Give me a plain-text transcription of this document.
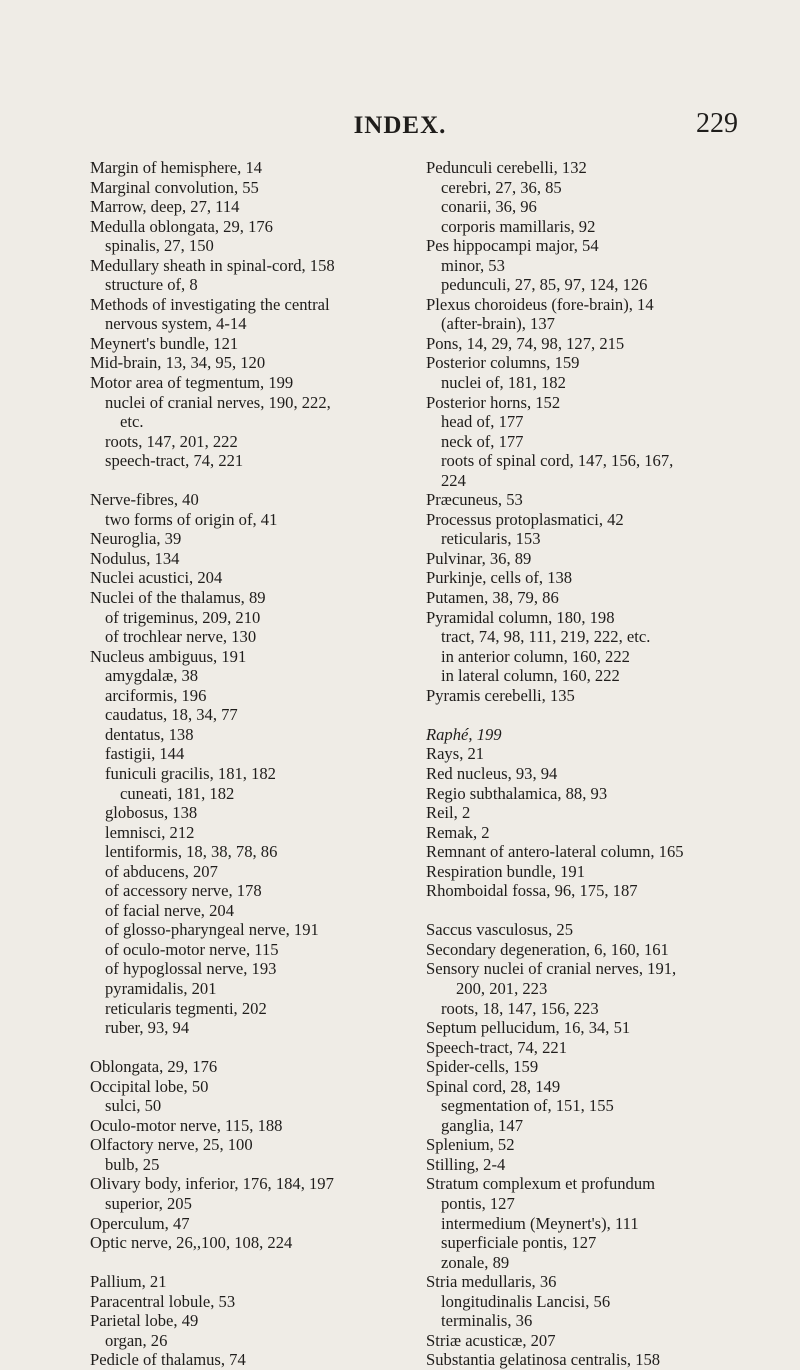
INDEX.	229
Margin of hemisphere, 14
Marginal convolution, 55
Marrow, deep, 27, 114
Medulla oblongata, 29, 176
spinalis, 27, 150
Medullary sheath in spinal-cord, 158
structure of, 8
Methods of investigating the central
nervous system, 4-14
Meynert's bundle, 121
Mid-brain, 13, 34, 95, 120
Motor area of tegmentum, 199
nuclei of cranial nerves, 190, 222,
etc.
roots, 147, 201, 222
speech-tract, 74, 221
Nerve-fibres, 40
two forms of origin of, 41
Neuroglia, 39
Nodulus, 134
Nuclei acustici, 204
Nuclei of the thalamus, 89
of trigeminus, 209, 210
of trochlear nerve, 130
Nucleus ambiguus, 191
amygdalæ, 38
arciformis, 196
caudatus, 18, 34, 77
dentatus, 138
fastigii, 144
funiculi gracilis, 181, 182
cuneati, 181, 182
globosus, 138
lemnisci, 212
lentiformis, 18, 38, 78, 86
of abducens, 207
of accessory nerve, 178
of facial nerve, 204
of glosso-pharyngeal nerve, 191
of oculo-motor nerve, 115
of hypoglossal nerve, 193
pyramidalis, 201
reticularis tegmenti, 202
ruber, 93, 94
Oblongata, 29, 176
Occipital lobe, 50
sulci, 50
Oculo-motor nerve, 115, 188
Olfactory nerve, 25, 100
bulb, 25
Olivary body, inferior, 176, 184, 197
superior, 205
Operculum, 47
Optic nerve, 26,,100, 108, 224
Pallium, 21
Paracentral lobule, 53
Parietal lobe, 49
organ, 26
Pedicle of thalamus, 74
Pedunculi cerebelli, 132
cerebri, 27, 36, 85
conarii, 36, 96
corporis mamillaris, 92
Pes hippocampi major, 54
minor, 53
pedunculi, 27, 85, 97, 124, 126
Plexus choroideus (fore-brain), 14
(after-brain), 137
Pons, 14, 29, 74, 98, 127, 215
Posterior columns, 159
nuclei of, 181, 182
Posterior horns, 152
head of, 177
neck of, 177
roots of spinal cord, 147, 156, 167,
224
Præcuneus, 53
Processus protoplasmatici, 42
reticularis, 153
Pulvinar, 36, 89
Purkinje, cells of, 138
Putamen, 38, 79, 86
Pyramidal column, 180, 198
tract, 74, 98, 111, 219, 222, etc.
in anterior column, 160, 222
in lateral column, 160, 222
Pyramis cerebelli, 135
Raphé, 199
Rays, 21
Red nucleus, 93, 94
Regio subthalamica, 88, 93
Reil, 2
Remak, 2
Remnant of antero-lateral column, 165
Respiration bundle, 191
Rhomboidal fossa, 96, 175, 187
Saccus vasculosus, 25
Secondary degeneration, 6, 160, 161
Sensory nuclei of cranial nerves, 191,
200, 201, 223
roots, 18, 147, 156, 223
Septum pellucidum, 16, 34, 51
Speech-tract, 74, 221
Spider-cells, 159
Spinal cord, 28, 149
segmentation of, 151, 155
ganglia, 147
Splenium, 52
Stilling, 2-4
Stratum complexum et profundum
pontis, 127
intermedium (Meynert's), 111
superficiale pontis, 127
zonale, 89
Stria medullaris, 36
longitudinalis Lancisi, 56
terminalis, 36
Striæ acusticæ, 207
Substantia gelatinosa centralis, 158
